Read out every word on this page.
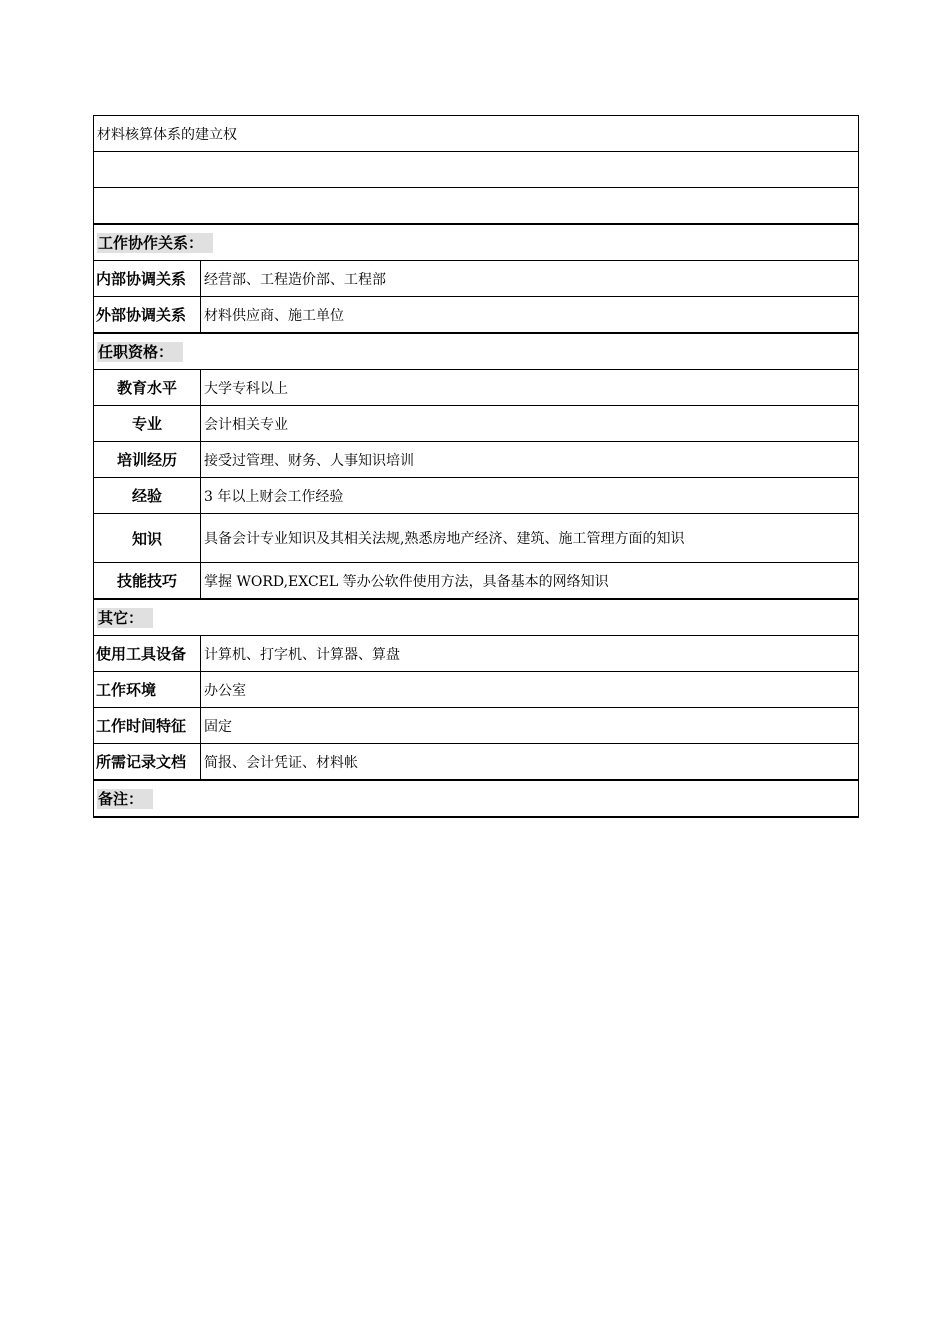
材料核算体系的建立权	

工作协作关系：	
内部协调关系	经营部、工程造价部、工程部
外部协调关系	材料供应商、施工单位
任职资格：	
教育水平	大学专科以上
专业	会计相关专业
培训经历	接受过管理、财务、人事知识培训
经验	3 年以上财会工作经验
知识	具备会计专业知识及其相关法规,熟悉房地产经济、建筑、施工管理方面的知识
技能技巧	掌握 WORD,EXCEL 等办公软件使用方法，具备基本的网络知识
其它：	
使用工具设备	计算机、打字机、计算器、算盘
工作环境	办公室
工作时间特征	固定
所需记录文档	简报、会计凭证、材料帐
备注：	
